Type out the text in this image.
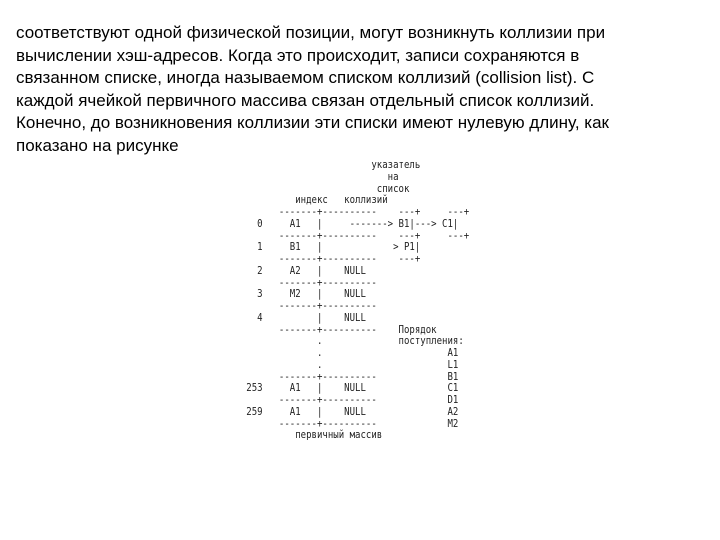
соответствуют одной физической позиции, могут возникнуть коллизии при
вычислении хэш-адресов. Когда это происходит, записи сохраняются в
связанном списке, иногда называемом списком коллизий (collision list). С
каждой ячейкой первичного массива связан отдельный список коллизий.
Конечно, до возникновения коллизии эти списки имеют нулевую длину, как
показано на рисунке
указатель
на
список
индекс   коллизий
-------+----------    ---+     ---+
0     A1   |     -------> B1|---> C1|
-------+----------    ---+     ---+
1     B1   |             > P1|
-------+----------    ---+
2     A2   |    NULL
-------+----------
3     M2   |    NULL
-------+----------
4          |    NULL
-------+----------    Порядок
.              поступления:
.                       A1
.                       L1
-------+----------             B1
253     A1   |    NULL               C1
-------+----------             D1
259     A1   |    NULL               A2
-------+----------             M2
первичный массив
